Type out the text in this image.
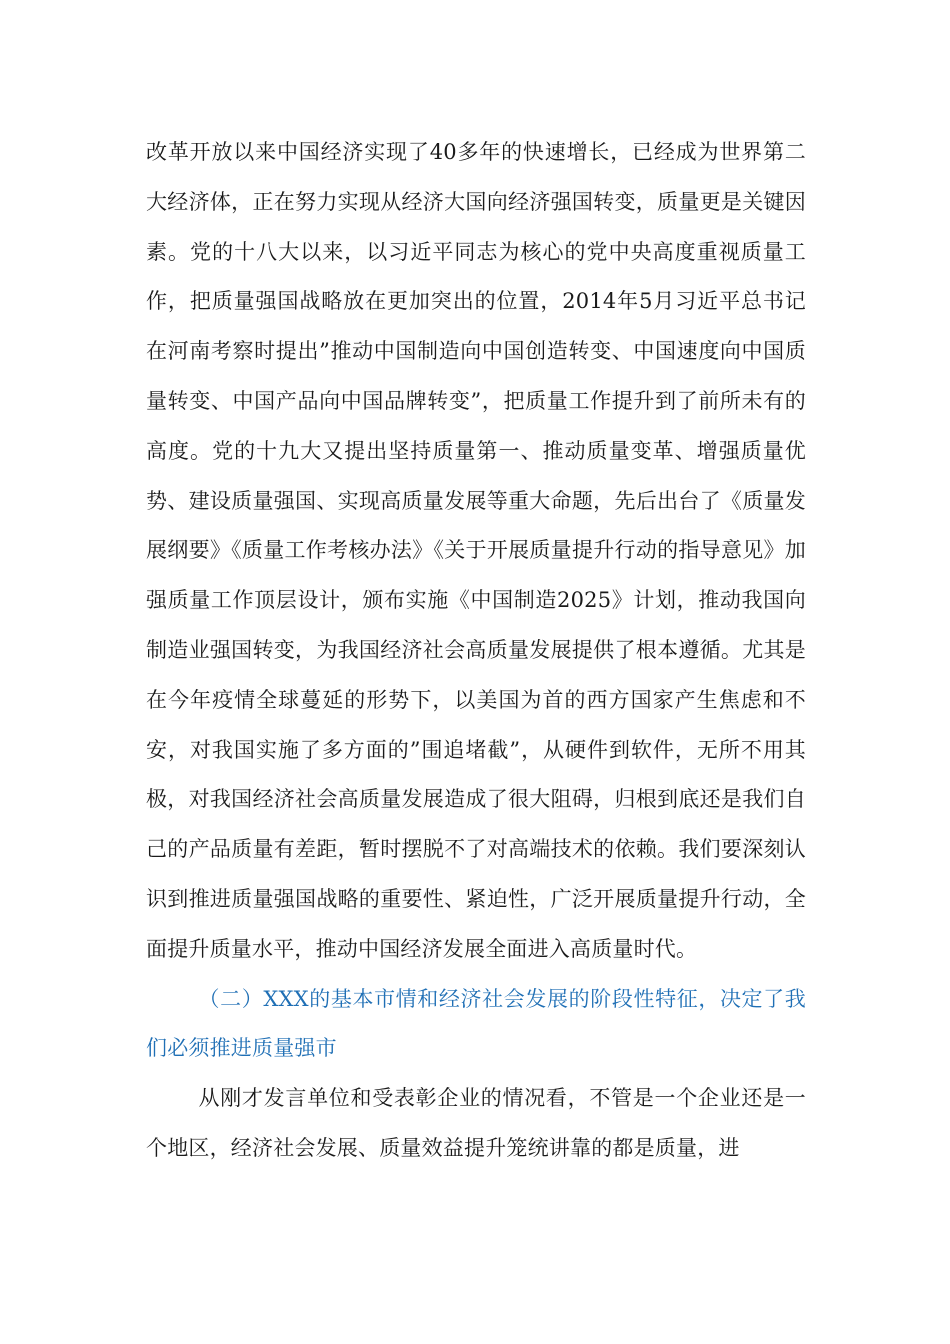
改革开放以来中国经济实现了40多年的快速增长，已经成为世界第二大经济体，正在努力实现从经济大国向经济强国转变，质量更是关键因素。党的十八大以来，以习近平同志为核心的党中央高度重视质量工作，把质量强国战略放在更加突出的位置，2014年5月习近平总书记在河南考察时提出”推动中国制造向中国创造转变、中国速度向中国质量转变、中国产品向中国品牌转变”，把质量工作提升到了前所未有的高度。党的十九大又提出坚持质量第一、推动质量变革、增强质量优势、建设质量强国、实现高质量发展等重大命题，先后出台了《质量发展纲要》《质量工作考核办法》《关于开展质量提升行动的指导意见》加强质量工作顶层设计，颁布实施《中国制造2025》计划，推动我国向制造业强国转变，为我国经济社会高质量发展提供了根本遵循。尤其是在今年疫情全球蔓延的形势下，以美国为首的西方国家产生焦虑和不安，对我国实施了多方面的”围追堵截”，从硬件到软件，无所不用其极，对我国经济社会高质量发展造成了很大阻碍，归根到底还是我们自己的产品质量有差距，暂时摆脱不了对高端技术的依赖。我们要深刻认识到推进质量强国战略的重要性、紧迫性，广泛开展质量提升行动，全面提升质量水平，推动中国经济发展全面进入高质量时代。

（二）XXX的基本市情和经济社会发展的阶段性特征，决定了我们必须推进质量强市

从刚才发言单位和受表彰企业的情况看，不管是一个企业还是一个地区，经济社会发展、质量效益提升笼统讲靠的都是质量，进
